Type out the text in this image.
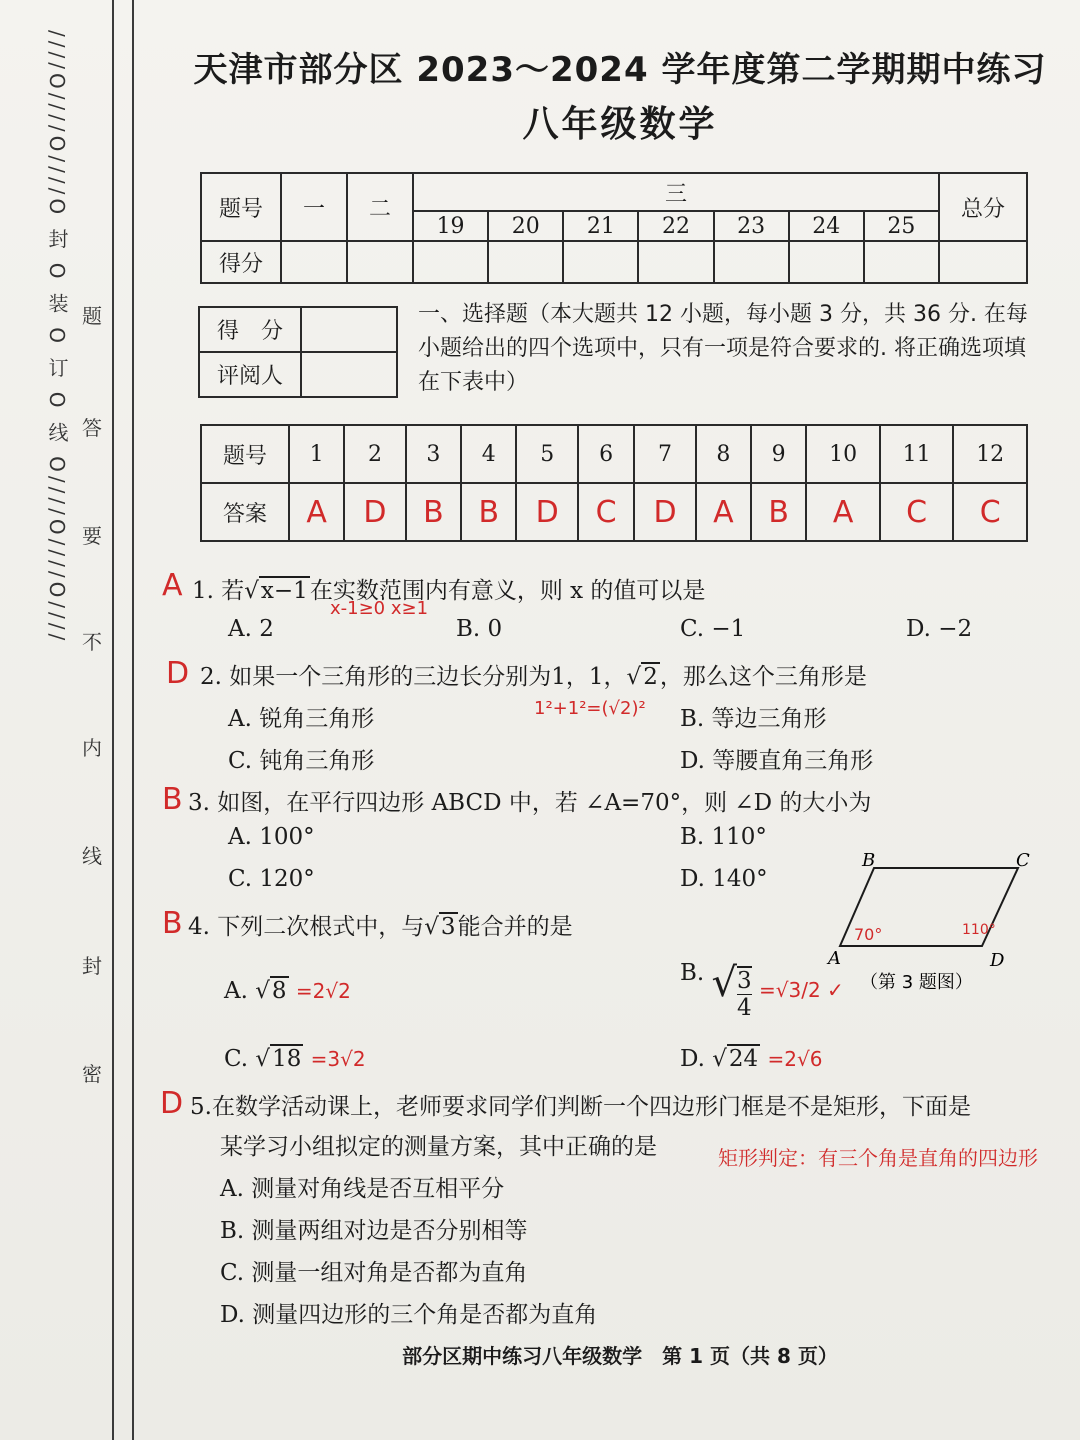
////O////O////O 封 O 装 O 订 O 线 O////O////O//// 题
答
要
不
内
线
封
密
天津市部分区 2023～2024 学年度第二学期期中练习
八年级数学
题号	一	二	三							总分
			19	20	21	22	23	24	25	
得分										
得　分	
评阅人	
一、选择题（本大题共 12 小题，每小题 3 分，共 36 分. 在每小题给出的四个选项中，只有一项是符合要求的. 将正确选项填在下表中）
题号	1	2	3	4	5	6	7	8	9	10	11	12
答案	A	D	B	B	D	C	D	A	B	A	C	C
A 1. 若√x−1在实数范围内有意义，则 x 的值可以是
x-1≥0 x≥1
A. 2	B. 0	C. −1	D. −2
D 2. 如果一个三角形的三边长分别为1，1，√2，那么这个三角形是
1²+1²=(√2)²
A. 锐角三角形	B. 等边三角形
C. 钝角三角形	D. 等腰直角三角形
B 3. 如图，在平行四边形 ABCD 中，若 ∠A=70°，则 ∠D 的大小为
A. 100°	B. 110°
C. 120°	D. 140°
B	C
A	D
70°	110°
（第 3 题图）
B 4. 下列二次根式中，与√3能合并的是
A. √8 =2√2
B. √ $\frac{3}{4} =√3/2$ ✓
C. √18 =3√2	D. √24 =2√6
D 5.在数学活动课上，老师要求同学们判断一个四边形门框是不是矩形，下面是
某学习小组拟定的测量方案，其中正确的是	矩形判定：有三个角是直角的四边形
A. 测量对角线是否互相平分
B. 测量两组对边是否分别相等
C. 测量一组对角是否都为直角
D. 测量四边形的三个角是否都为直角
部分区期中练习八年级数学　第 1 页（共 8 页）
